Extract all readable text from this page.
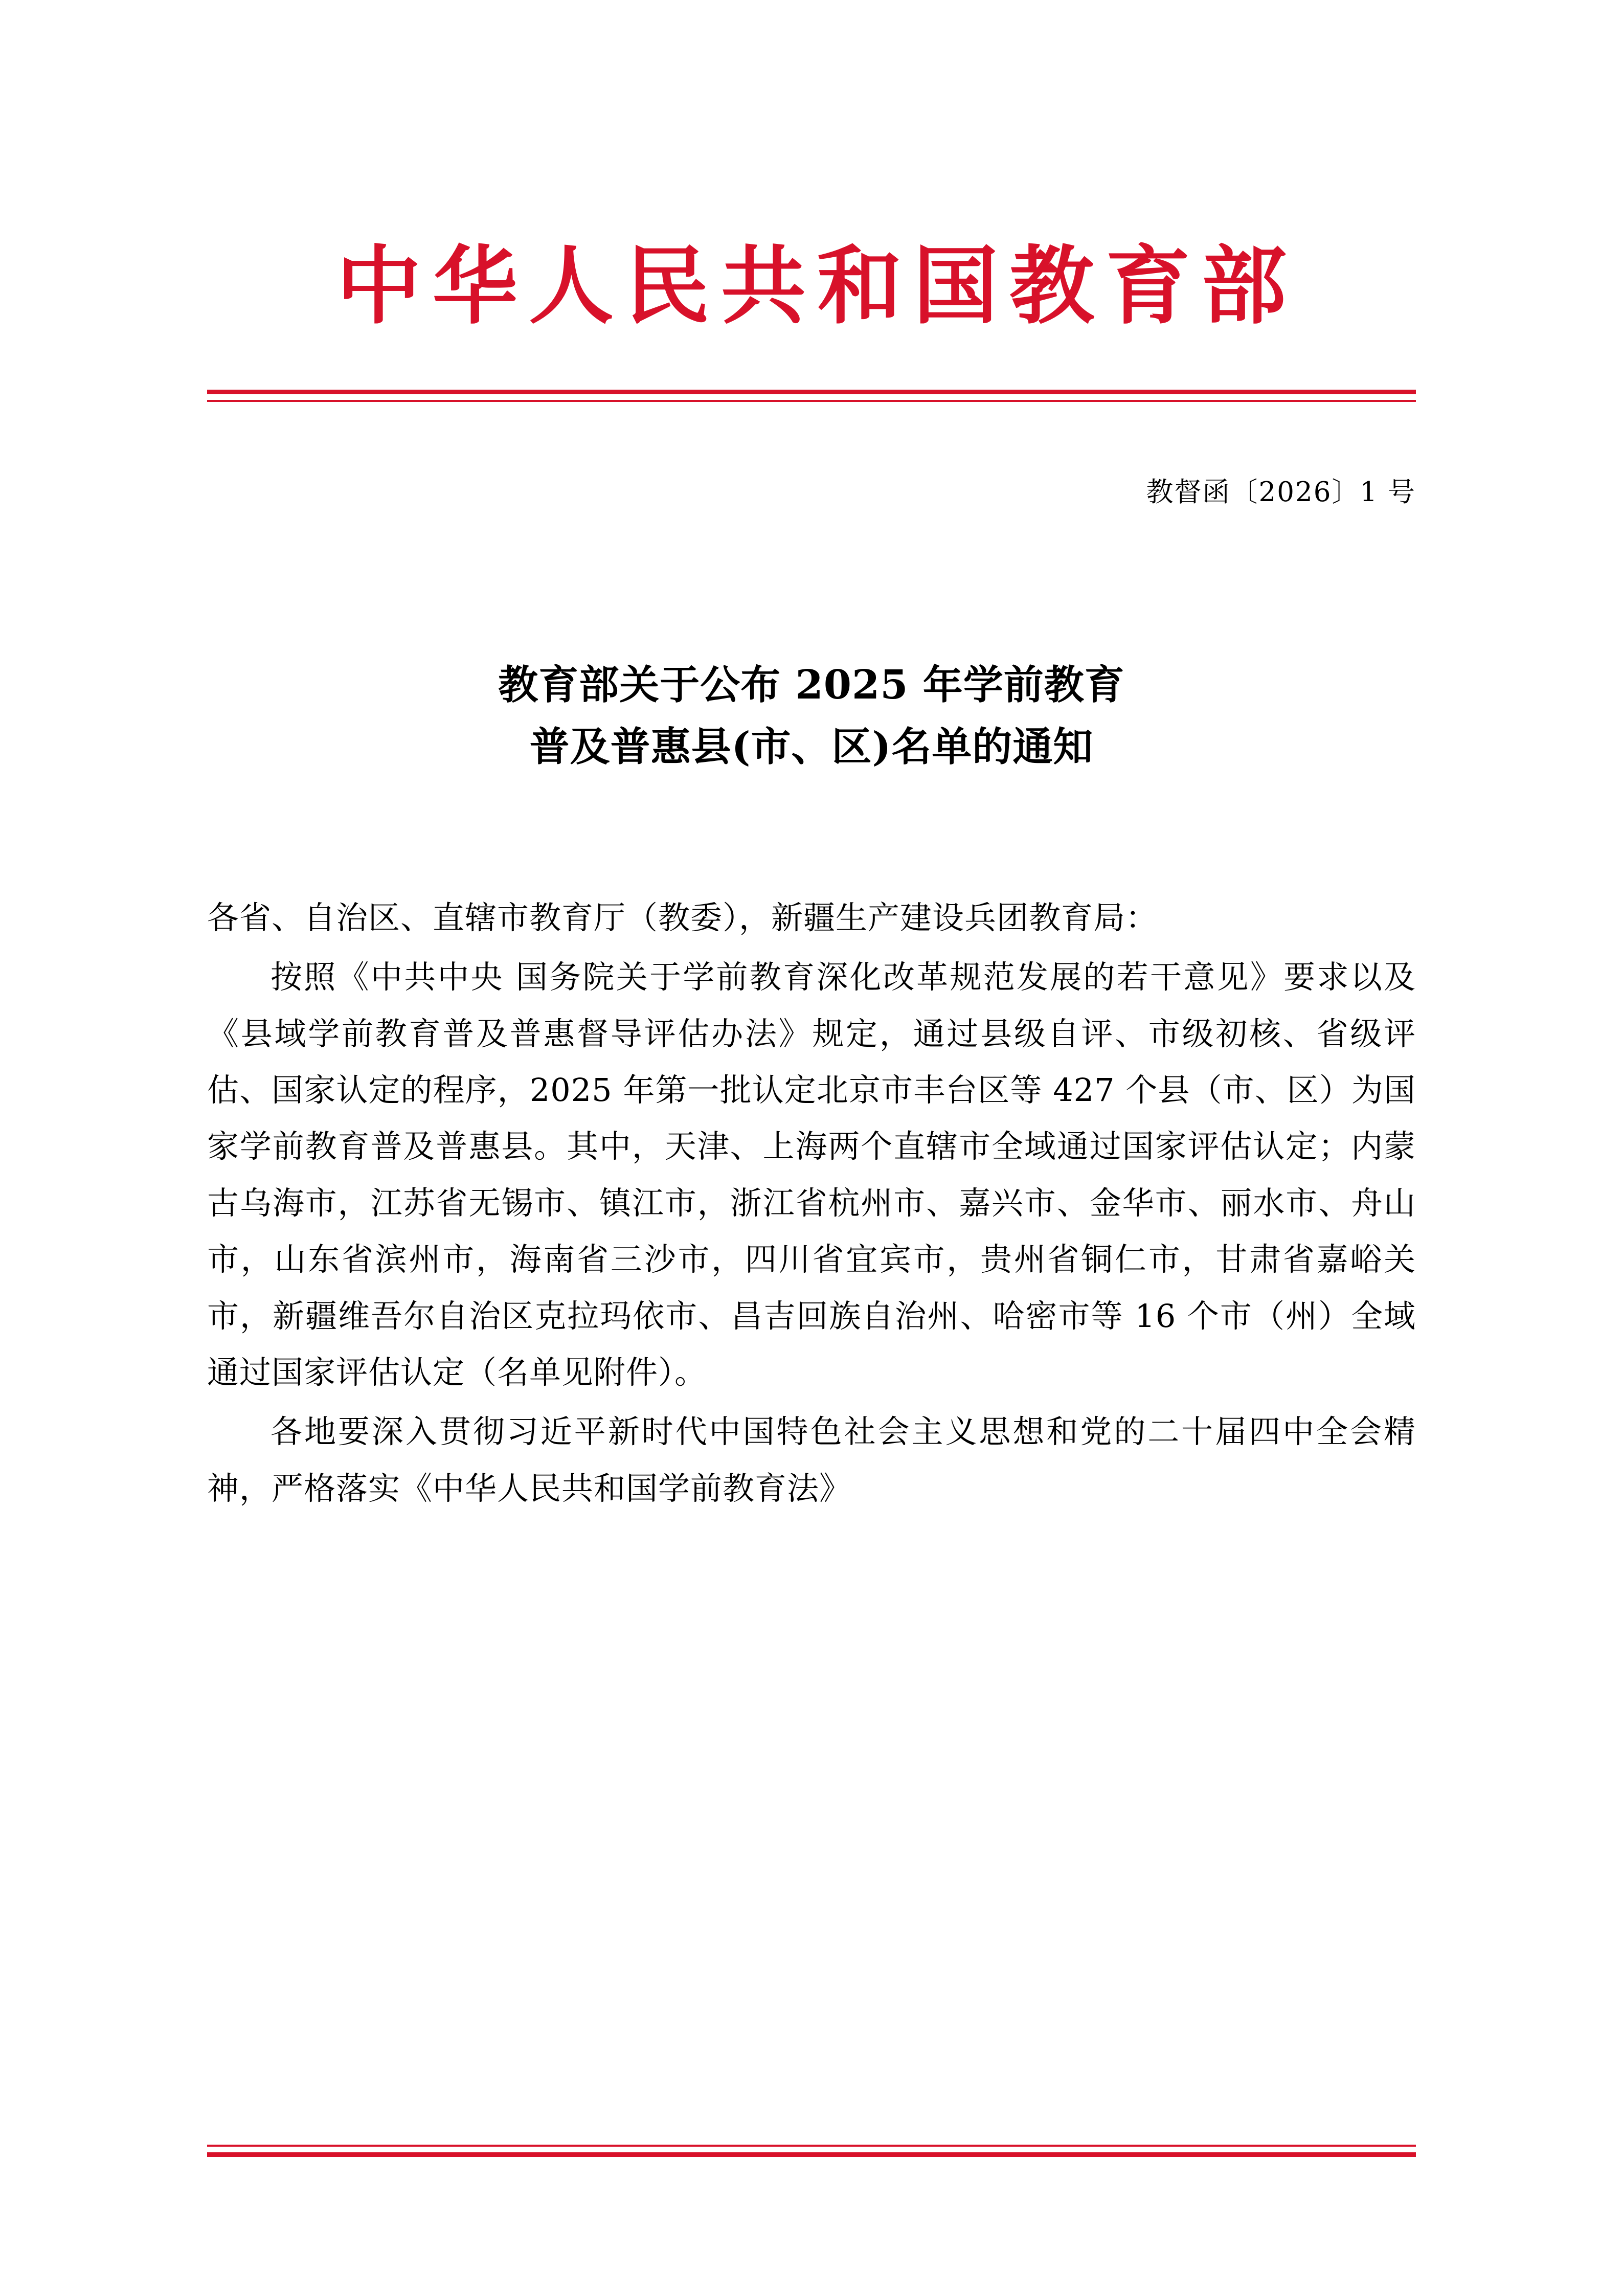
中华人民共和国教育部
教督函〔2026〕1 号
教育部关于公布 2025 年学前教育
普及普惠县(市、区)名单的通知

各省、自治区、直辖市教育厅（教委），新疆生产建设兵团教育局：

按照《中共中央 国务院关于学前教育深化改革规范发展的若干意见》要求以及《县域学前教育普及普惠督导评估办法》规定，通过县级自评、市级初核、省级评估、国家认定的程序，2025 年第一批认定北京市丰台区等 427 个县（市、区）为国家学前教育普及普惠县。其中，天津、上海两个直辖市全域通过国家评估认定；内蒙古乌海市，江苏省无锡市、镇江市，浙江省杭州市、嘉兴市、金华市、丽水市、舟山市，山东省滨州市，海南省三沙市，四川省宜宾市，贵州省铜仁市，甘肃省嘉峪关市，新疆维吾尔自治区克拉玛依市、昌吉回族自治州、哈密市等 16 个市（州）全域通过国家评估认定（名单见附件）。

各地要深入贯彻习近平新时代中国特色社会主义思想和党的二十届四中全会精神，严格落实《中华人民共和国学前教育法》
